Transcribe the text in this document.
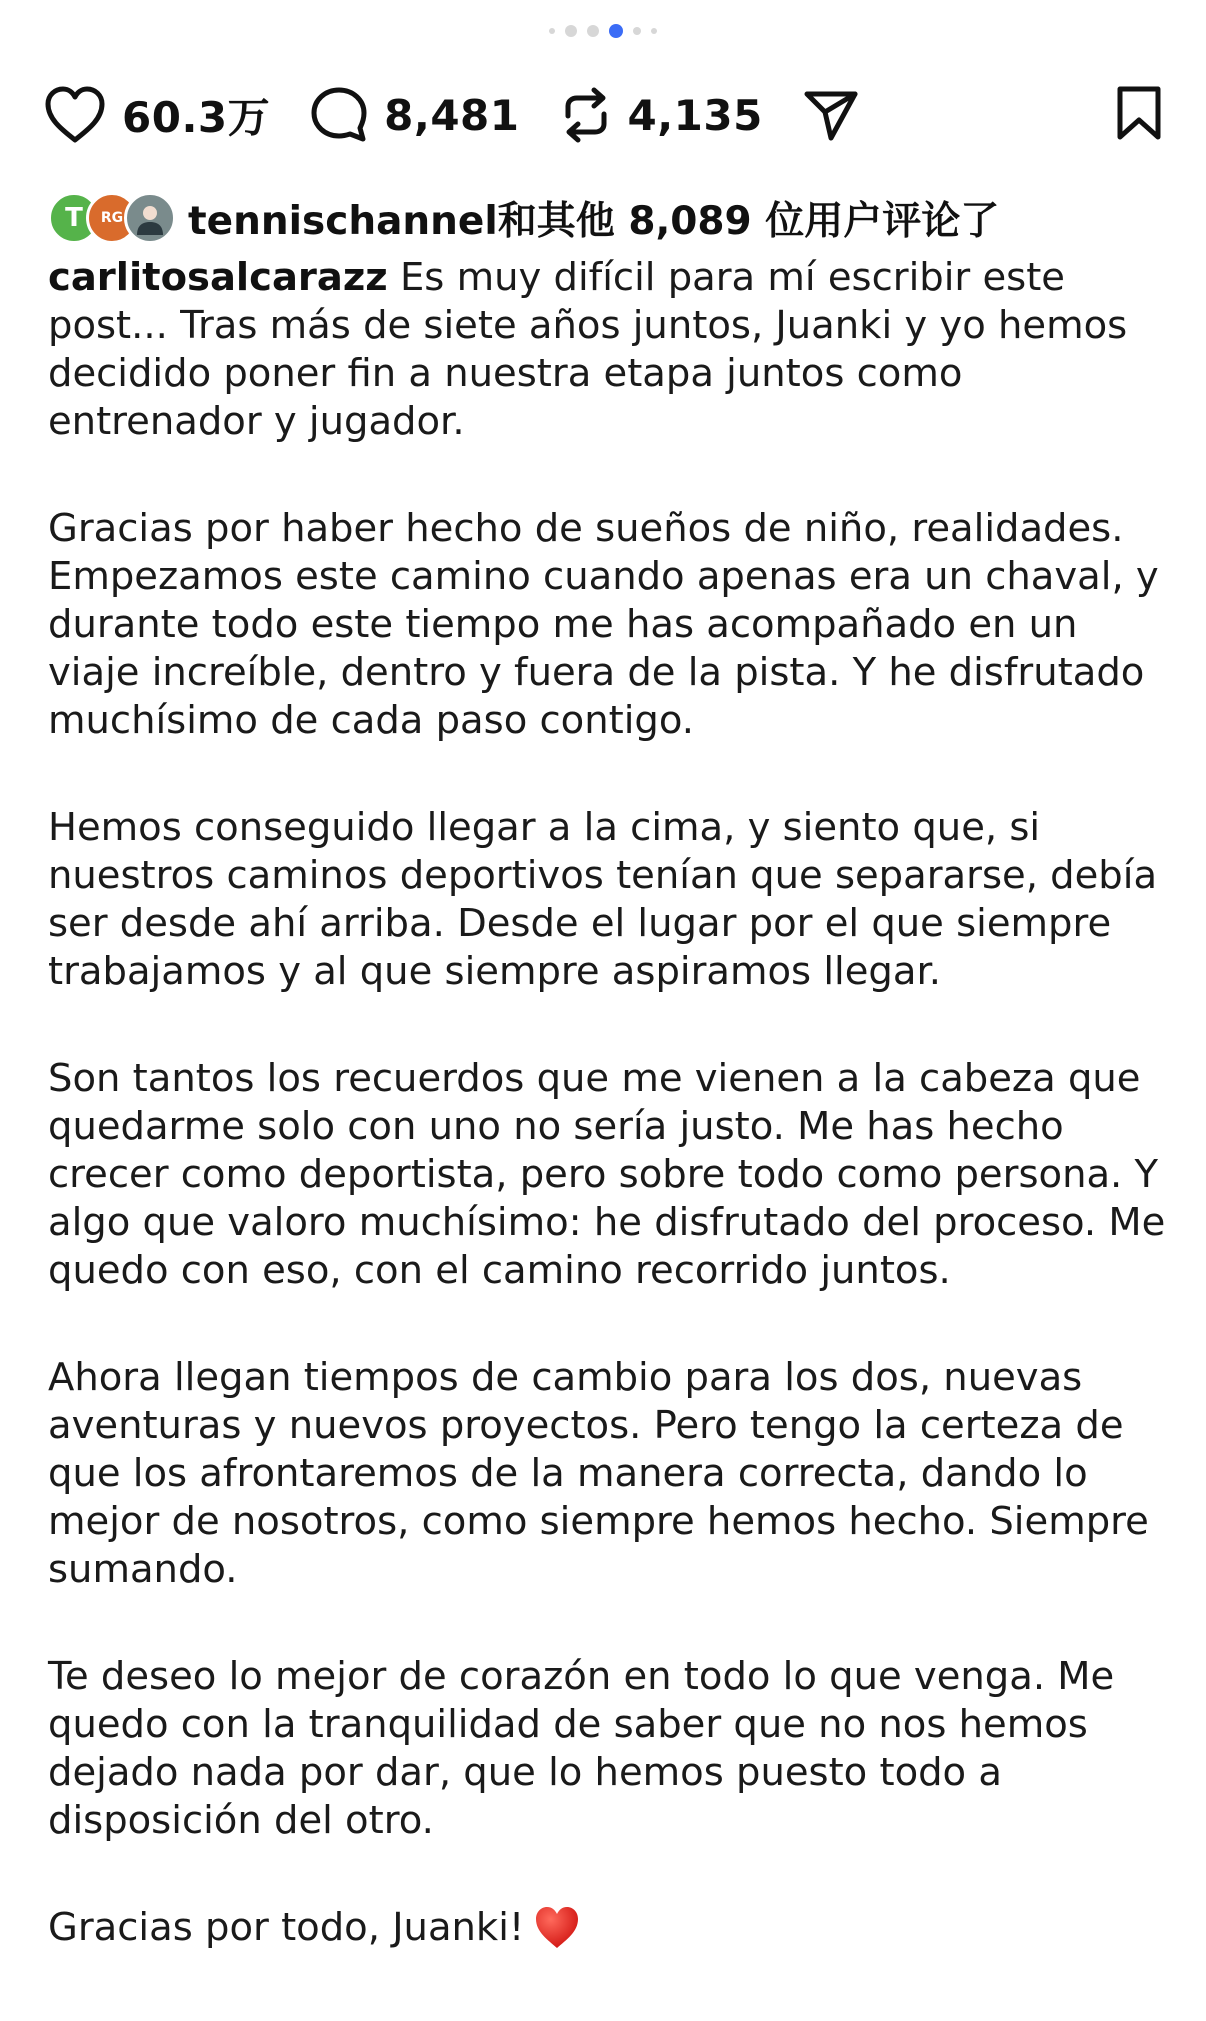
60.3万	8,481	4,135
T RG tennischannel和其他 8,089 位用户评论了

carlitosalcarazz Es muy difícil para mí escribir este post... Tras más de siete años juntos, Juanki y yo hemos decidido poner fin a nuestra etapa juntos como entrenador y jugador.

Gracias por haber hecho de sueños de niño, realidades. Empezamos este camino cuando apenas era un chaval, y durante todo este tiempo me has acompañado en un viaje increíble, dentro y fuera de la pista. Y he disfrutado muchísimo de cada paso contigo.

Hemos conseguido llegar a la cima, y siento que, si nuestros caminos deportivos tenían que separarse, debía ser desde ahí arriba. Desde el lugar por el que siempre trabajamos y al que siempre aspiramos llegar.

Son tantos los recuerdos que me vienen a la cabeza que quedarme solo con uno no sería justo. Me has hecho crecer como deportista, pero sobre todo como persona. Y algo que valoro muchísimo: he disfrutado del proceso. Me quedo con eso, con el camino recorrido juntos.

Ahora llegan tiempos de cambio para los dos, nuevas aventuras y nuevos proyectos. Pero tengo la certeza de que los afrontaremos de la manera correcta, dando lo mejor de nosotros, como siempre hemos hecho. Siempre sumando.

Te deseo lo mejor de corazón en todo lo que venga. Me quedo con la tranquilidad de saber que no nos hemos dejado nada por dar, que lo hemos puesto todo a disposición del otro.

Gracias por todo, Juanki!
